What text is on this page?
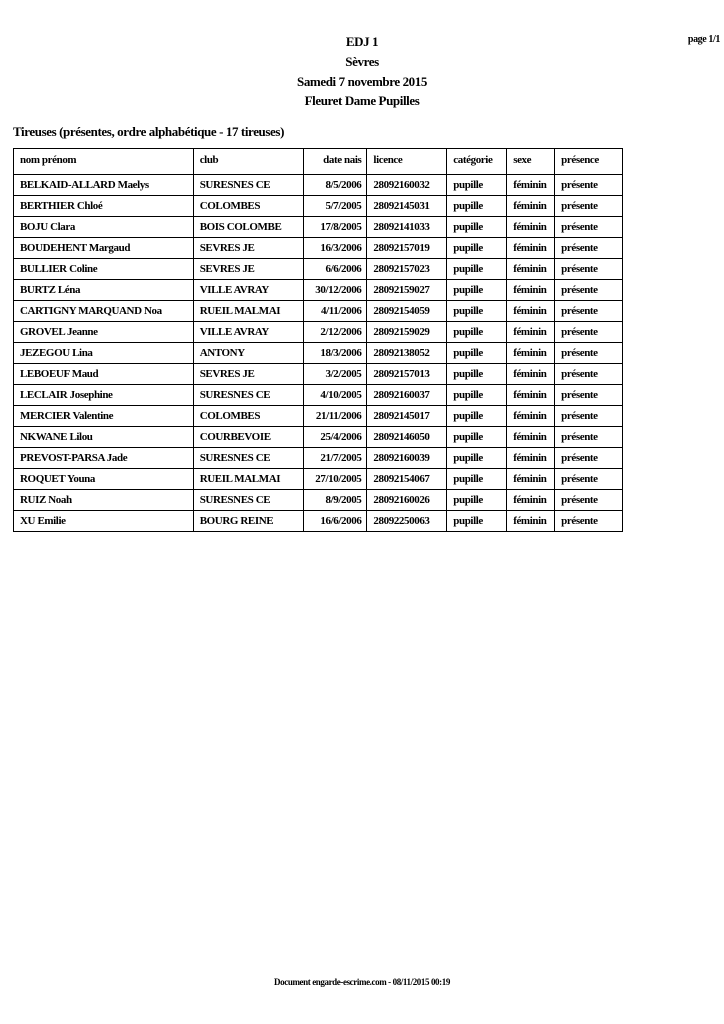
EDJ 1
Sèvres
Samedi 7 novembre 2015
Fleuret Dame Pupilles
page 1/1
Tireuses (présentes, ordre alphabétique - 17 tireuses)
nom prénom	club	date nais	licence	catégorie	sexe	présence
BELKAID-ALLARD Maelys	SURESNES CE	8/5/2006	28092160032	pupille	féminin	présente
BERTHIER Chloé	COLOMBES	5/7/2005	28092145031	pupille	féminin	présente
BOJU Clara	BOIS COLOMBE	17/8/2005	28092141033	pupille	féminin	présente
BOUDEHENT Margaud	SEVRES JE	16/3/2006	28092157019	pupille	féminin	présente
BULLIER Coline	SEVRES JE	6/6/2006	28092157023	pupille	féminin	présente
BURTZ Léna	VILLE AVRAY	30/12/2006	28092159027	pupille	féminin	présente
CARTIGNY MARQUAND Noa	RUEIL MALMAI	4/11/2006	28092154059	pupille	féminin	présente
GROVEL Jeanne	VILLE AVRAY	2/12/2006	28092159029	pupille	féminin	présente
JEZEGOU Lina	ANTONY	18/3/2006	28092138052	pupille	féminin	présente
LEBOEUF Maud	SEVRES JE	3/2/2005	28092157013	pupille	féminin	présente
LECLAIR Josephine	SURESNES CE	4/10/2005	28092160037	pupille	féminin	présente
MERCIER Valentine	COLOMBES	21/11/2006	28092145017	pupille	féminin	présente
NKWANE Lilou	COURBEVOIE	25/4/2006	28092146050	pupille	féminin	présente
PREVOST-PARSA Jade	SURESNES CE	21/7/2005	28092160039	pupille	féminin	présente
ROQUET Youna	RUEIL MALMAI	27/10/2005	28092154067	pupille	féminin	présente
RUIZ Noah	SURESNES CE	8/9/2005	28092160026	pupille	féminin	présente
XU Emilie	BOURG REINE	16/6/2006	28092250063	pupille	féminin	présente
Document engarde-escrime.com - 08/11/2015 00:19
